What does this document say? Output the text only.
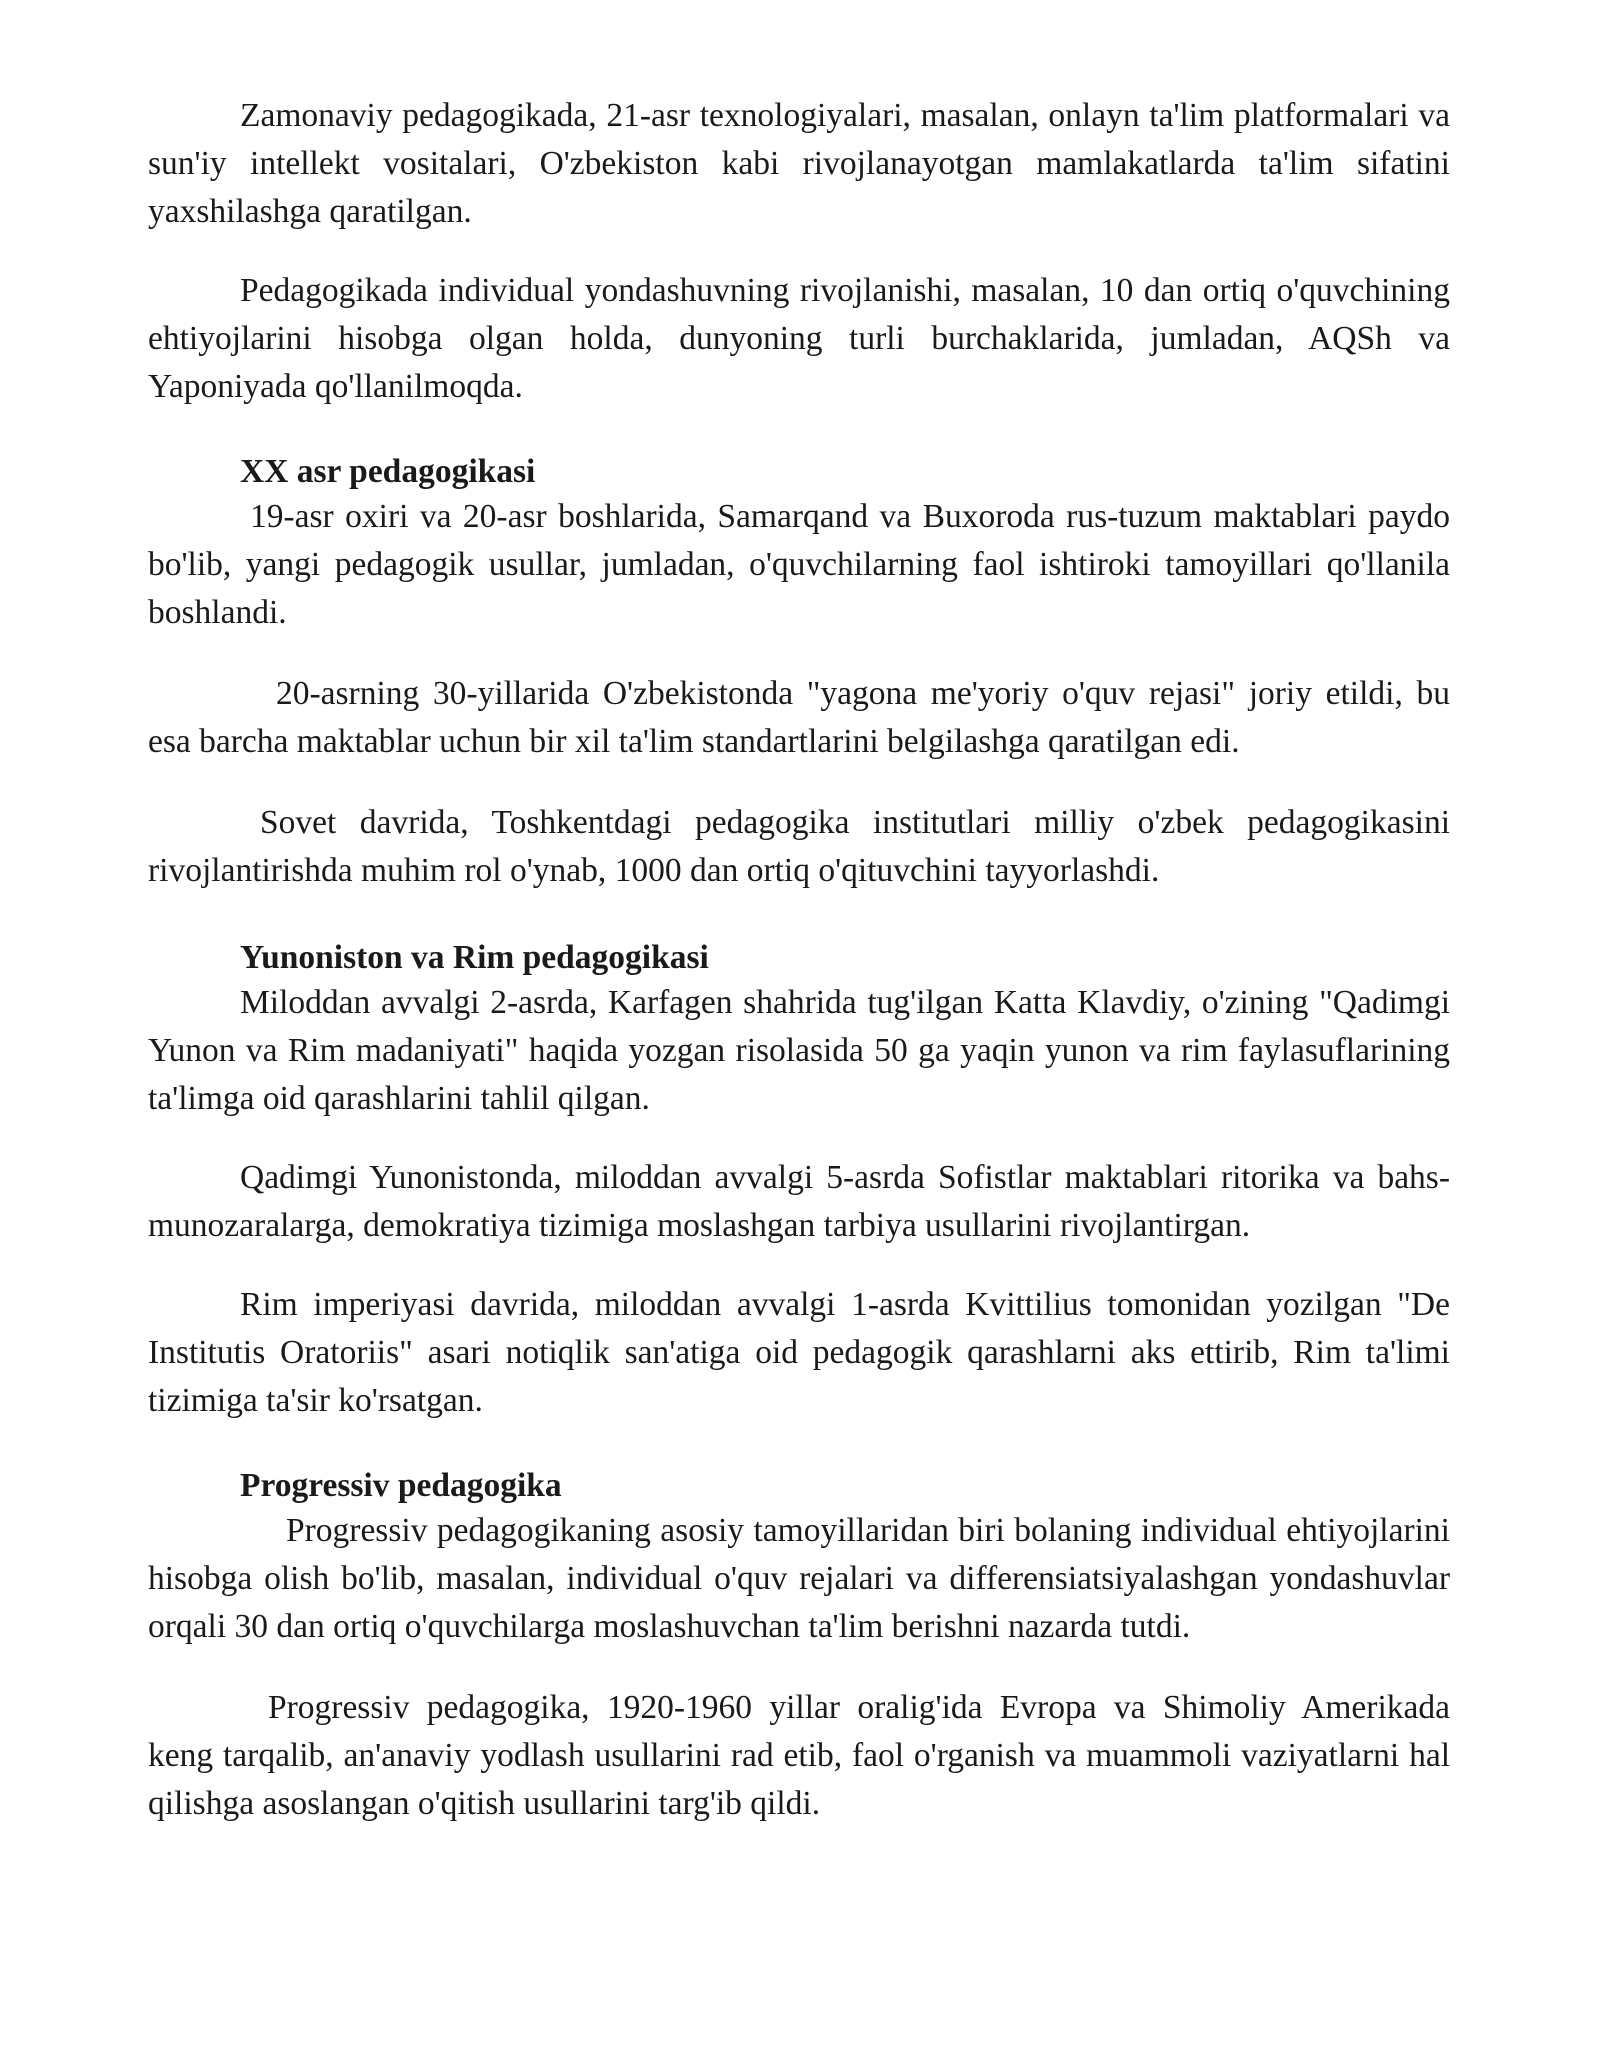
Zamonaviy pedagogikada, 21-asr texnologiyalari, masalan, onlayn ta'lim platformalari va sun'iy intellekt vositalari, O'zbekiston kabi rivojlanayotgan mamlakatlarda ta'lim sifatini yaxshilashga qaratilgan.

Pedagogikada individual yondashuvning rivojlanishi, masalan, 10 dan ortiq o'quvchining ehtiyojlarini hisobga olgan holda, dunyoning turli burchaklarida, jumladan, AQSh va Yaponiyada qo'llanilmoqda.

XX asr pedagogikasi

19-asr oxiri va 20-asr boshlarida, Samarqand va Buxoroda rus-tuzum maktablari paydo bo'lib, yangi pedagogik usullar, jumladan, o'quvchilarning faol ishtiroki tamoyillari qo'llanila boshlandi.

20-asrning 30-yillarida O'zbekistonda "yagona me'yoriy o'quv rejasi" joriy etildi, bu esa barcha maktablar uchun bir xil ta'lim standartlarini belgilashga qaratilgan edi.

Sovet davrida, Toshkentdagi pedagogika institutlari milliy o'zbek pedagogikasini rivojlantirishda muhim rol o'ynab, 1000 dan ortiq o'qituvchini tayyorlashdi.

Yunoniston va Rim pedagogikasi

Miloddan avvalgi 2-asrda, Karfagen shahrida tug'ilgan Katta Klavdiy, o'zining "Qadimgi Yunon va Rim madaniyati" haqida yozgan risolasida 50 ga yaqin yunon va rim faylasuflarining ta'limga oid qarashlarini tahlil qilgan.

Qadimgi Yunonistonda, miloddan avvalgi 5-asrda Sofistlar maktablari ritorika va bahs-munozaralarga, demokratiya tizimiga moslashgan tarbiya usullarini rivojlantirgan.

Rim imperiyasi davrida, miloddan avvalgi 1-asrda Kvittilius tomonidan yozilgan "De Institutis Oratoriis" asari notiqlik san'atiga oid pedagogik qarashlarni aks ettirib, Rim ta'limi tizimiga ta'sir ko'rsatgan.

Progressiv pedagogika

Progressiv pedagogikaning asosiy tamoyillaridan biri bolaning individual ehtiyojlarini hisobga olish bo'lib, masalan, individual o'quv rejalari va differensiatsiyalashgan yondashuvlar orqali 30 dan ortiq o'quvchilarga moslashuvchan ta'lim berishni nazarda tutdi.

Progressiv pedagogika, 1920-1960 yillar oralig'ida Evropa va Shimoliy Amerikada keng tarqalib, an'anaviy yodlash usullarini rad etib, faol o'rganish va muammoli vaziyatlarni hal qilishga asoslangan o'qitish usullarini targ'ib qildi.
